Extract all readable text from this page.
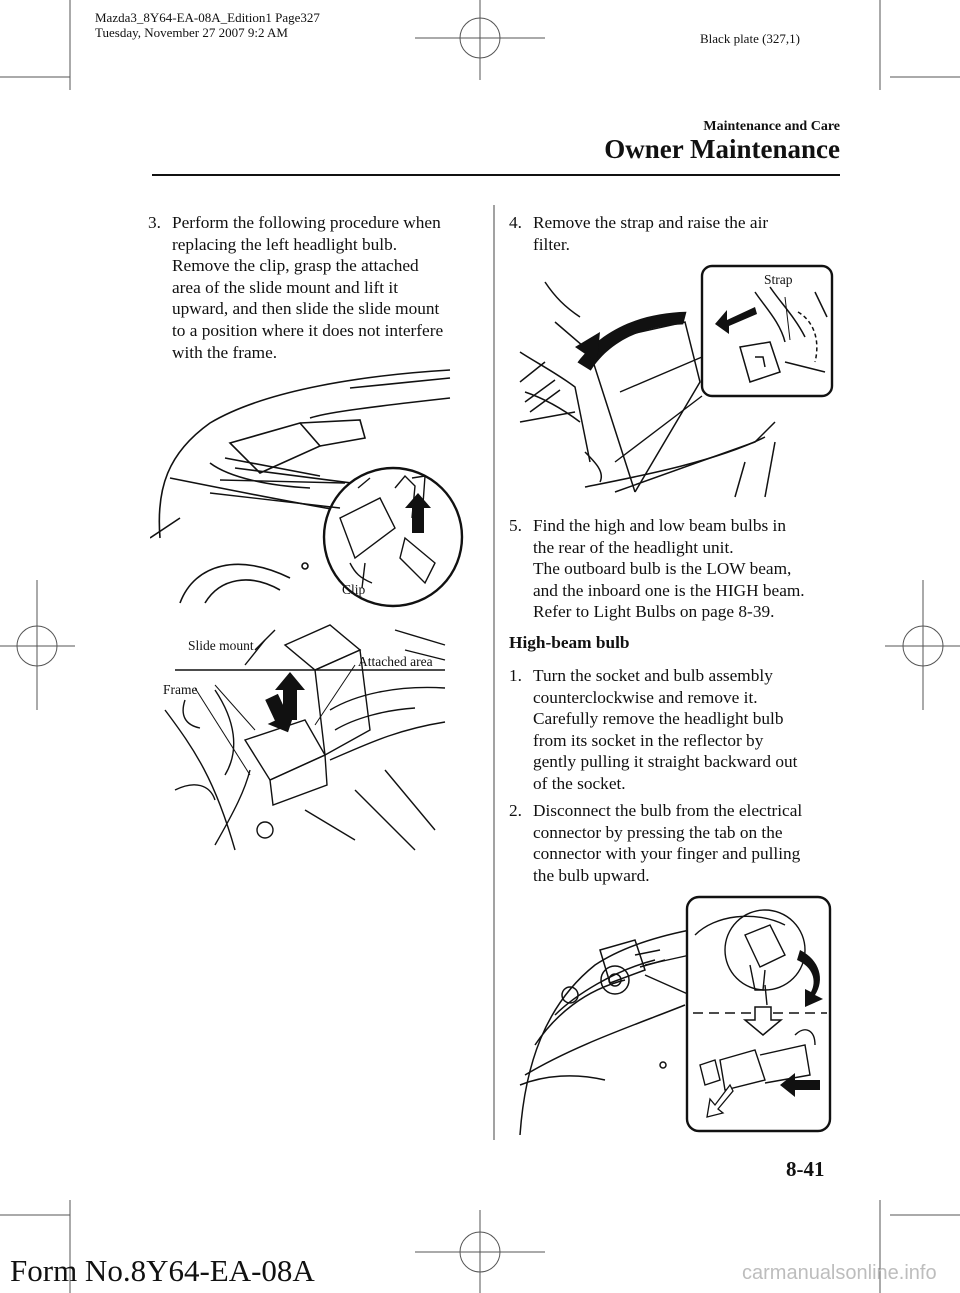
Mazda3_8Y64-EA-08A_Edition1 Page327
Tuesday, November 27 2007 9:2 AM	Black plate (327,1)
Maintenance and Care
Owner Maintenance
3. Perform the following procedure when
replacing the left headlight bulb.
Remove the clip, grasp the attached
area of the slide mount and lift it
upward, and then slide the slide mount
to a position where it does not interfere
with the frame.
Clip
Slide mount
Attached area
Frame
4. Remove the strap and raise the air
filter.
Strap
5. Find the high and low beam bulbs in
the rear of the headlight unit.
The outboard bulb is the LOW beam,
and the inboard one is the HIGH beam.
Refer to Light Bulbs on page 8-39.
High-beam bulb
1. Turn the socket and bulb assembly
counterclockwise and remove it.
Carefully remove the headlight bulb
from its socket in the reflector by
gently pulling it straight backward out
of the socket.
2. Disconnect the bulb from the electrical
connector by pressing the tab on the
connector with your finger and pulling
the bulb upward.
8-41
Form No.8Y64-EA-08A	carmanualsonline.info
